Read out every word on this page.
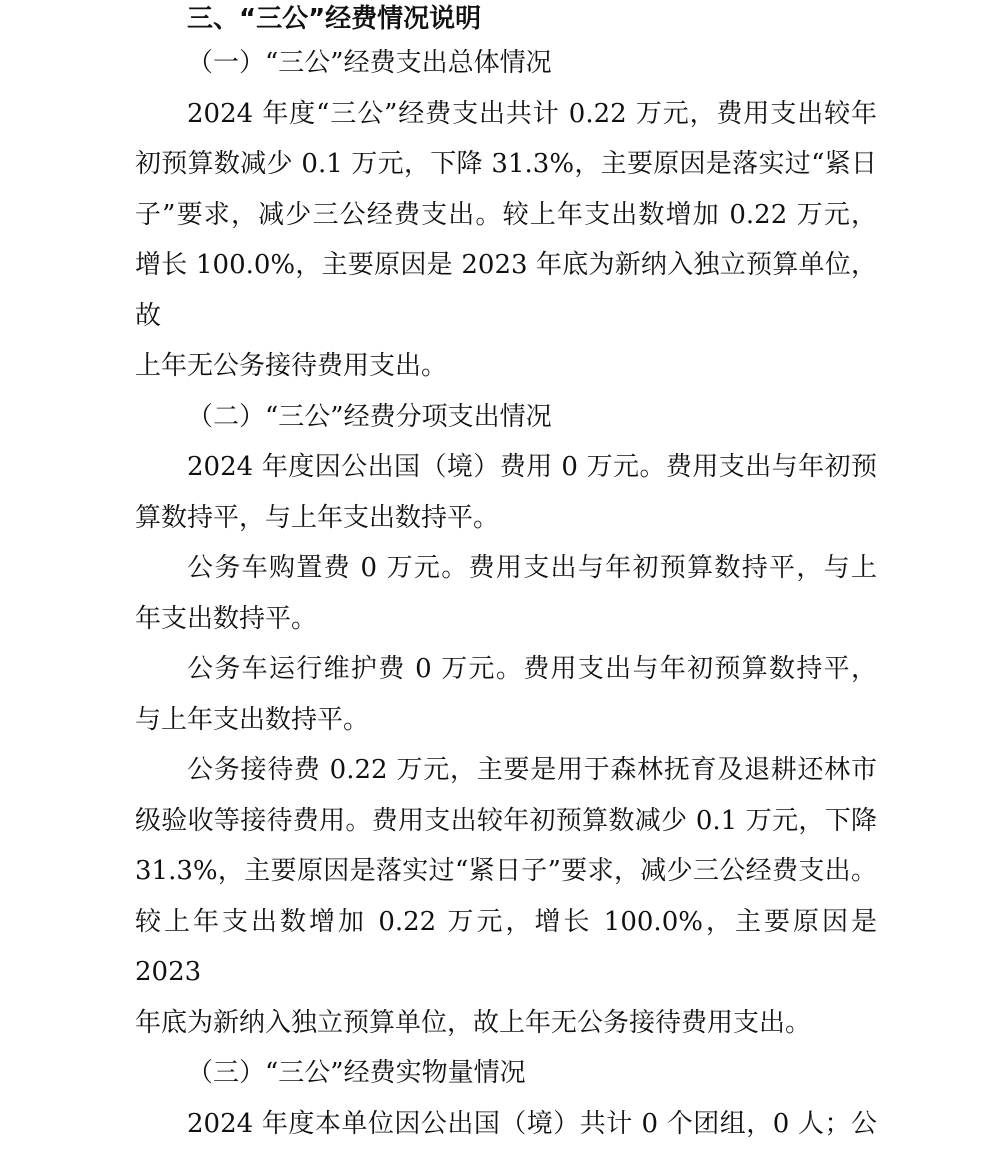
三、“三公”经费情况说明

（一）“三公”经费支出总体情况

2024 年度“三公”经费支出共计 0.22 万元，费用支出较年

初预算数减少 0.1 万元，下降 31.3%，主要原因是落实过“紧日

子”要求，减少三公经费支出。较上年支出数增加 0.22 万元，

增长 100.0%，主要原因是 2023 年底为新纳入独立预算单位，故

上年无公务接待费用支出。

（二）“三公”经费分项支出情况

2024 年度因公出国（境）费用 0 万元。费用支出与年初预

算数持平，与上年支出数持平。

公务车购置费 0 万元。费用支出与年初预算数持平，与上

年支出数持平。

公务车运行维护费 0 万元。费用支出与年初预算数持平，

与上年支出数持平。

公务接待费 0.22 万元，主要是用于森林抚育及退耕还林市

级验收等接待费用。费用支出较年初预算数减少 0.1 万元，下降

31.3%，主要原因是落实过“紧日子”要求，减少三公经费支出。

较上年支出数增加 0.22 万元，增长 100.0%，主要原因是 2023

年底为新纳入独立预算单位，故上年无公务接待费用支出。

（三）“三公”经费实物量情况

2024 年度本单位因公出国（境）共计 0 个团组，0 人；公
